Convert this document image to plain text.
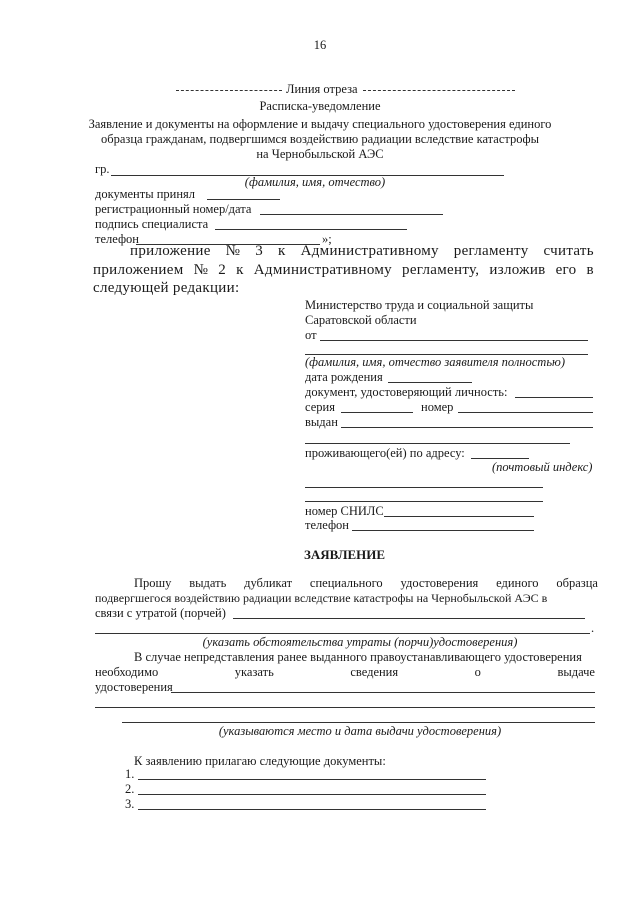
16
Линия отреза
Расписка-уведомление
Заявление и документы на оформление и выдачу специального удостоверения единого
образца гражданам, подвергшимся воздействию радиации вследствие катастрофы
на Чернобыльской АЭС
гр.
(фамилия, имя, отчество)
документы принял
регистрационный номер/дата
подпись специалиста
телефон	»;
приложение № 3 к Административному регламенту считать
приложением № 2 к Административному регламенту, изложив его в
следующей редакции:
Министерство труда и социальной защиты
Саратовской области
от
(фамилия, имя, отчество заявителя полностью)
дата рождения
документ, удостоверяющий личность:
серия	номер
выдан
проживающего(ей) по адресу:
(почтовый индекс)
номер СНИЛС
телефон
ЗАЯВЛЕНИЕ
Прошу выдать дубликат специального удостоверения единого образца
подвергшегося воздействию радиации вследствие катастрофы на Чернобыльской АЭС в
связи с утратой (порчей)
.
(указать обстоятельства утраты (порчи)удостоверения)
В случае непредставления ранее выданного правоустанавливающего удостоверения
необходимо	указать	сведения	о	выдаче
удостоверения
(указываются место и дата выдачи удостоверения)
К заявлению прилагаю следующие документы:
1.
2.
3.
